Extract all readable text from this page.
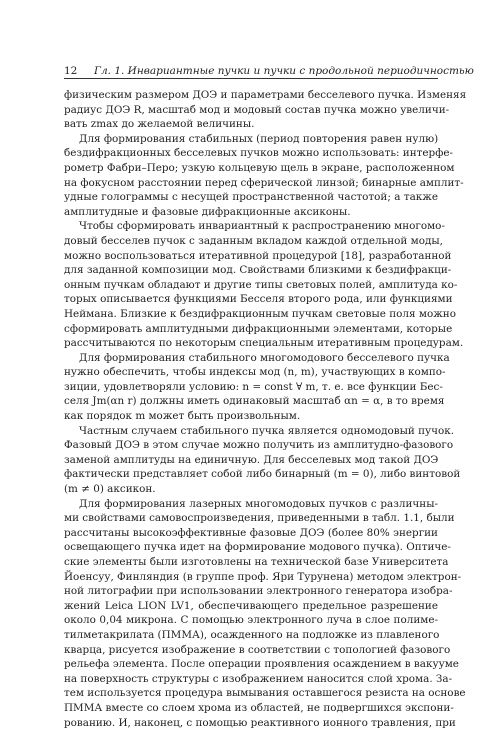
12 Гл. 1. Инвариантные пучки и пучки с продольной периодичностью
физическим размером ДОЭ и параметрами бесселевого пучка. Изменяя
радиус ДОЭ R, масштаб мод и модовый состав пучка можно увеличи-
вать zmax до желаемой величины.
Для формирования стабильных (период повторения равен нулю)
бездифракционных бесселевых пучков можно использовать: интерфе-
рометр Фабри–Перо; узкую кольцевую щель в экране, расположенном
на фокусном расстоянии перед сферической линзой; бинарные амплит-
удные голограммы с несущей пространственной частотой; а также
амплитудные и фазовые дифракционные аксиконы.
Чтобы сформировать инвариантный к распространению многомо-
довый бесселев пучок с заданным вкладом каждой отдельной моды,
можно воспользоваться итеративной процедурой [18], разработанной
для заданной композиции мод. Свойствами близкими к бездифракци-
онным пучкам обладают и другие типы световых полей, амплитуда ко-
торых описывается функциями Бесселя второго рода, или функциями
Неймана. Близкие к бездифракционным пучкам световые поля можно
сформировать амплитудными дифракционными элементами, которые
рассчитываются по некоторым специальным итеративным процедурам.
Для формирования стабильного многомодового бесселевого пучка
нужно обеспечить, чтобы индексы мод (n, m), участвующих в компо-
зиции, удовлетворяли условию: n = const ∀ m, т. е. все функции Бес-
селя Jm(αn r) должны иметь одинаковый масштаб αn = α, в то время
как порядок m может быть произвольным.
Частным случаем стабильного пучка является одномодовый пучок.
Фазовый ДОЭ в этом случае можно получить из амплитудно-фазового
заменой амплитуды на единичную. Для бесселевых мод такой ДОЭ
фактически представляет собой либо бинарный (m = 0), либо винтовой
(m ≠ 0) аксикон.
Для формирования лазерных многомодовых пучков с различны-
ми свойствами самовоспроизведения, приведенными в табл. 1.1, были
рассчитаны высокоэффективные фазовые ДОЭ (более 80% энергии
освещающего пучка идет на формирование модового пучка). Оптиче-
ские элементы были изготовлены на технической базе Университета
Йоенсуу, Финляндия (в группе проф. Яри Турунена) методом электрон-
ной литографии при использовании электронного генератора изобра-
жений Leica LION LV1, обеспечивающего предельное разрешение
около 0,04 микрона. С помощью электронного луча в слое полиме-
тилметакрилата (ПММА), осажденного на подложке из плавленого
кварца, рисуется изображение в соответствии с топологией фазового
рельефа элемента. После операции проявления осаждением в вакууме
на поверхность структуры с изображением наносится слой хрома. За-
тем используется процедура вымывания оставшегося резиста на основе
ПММА вместе со слоем хрома из областей, не подвергшихся экспони-
рованию. И, наконец, с помощью реактивного ионного травления, при
